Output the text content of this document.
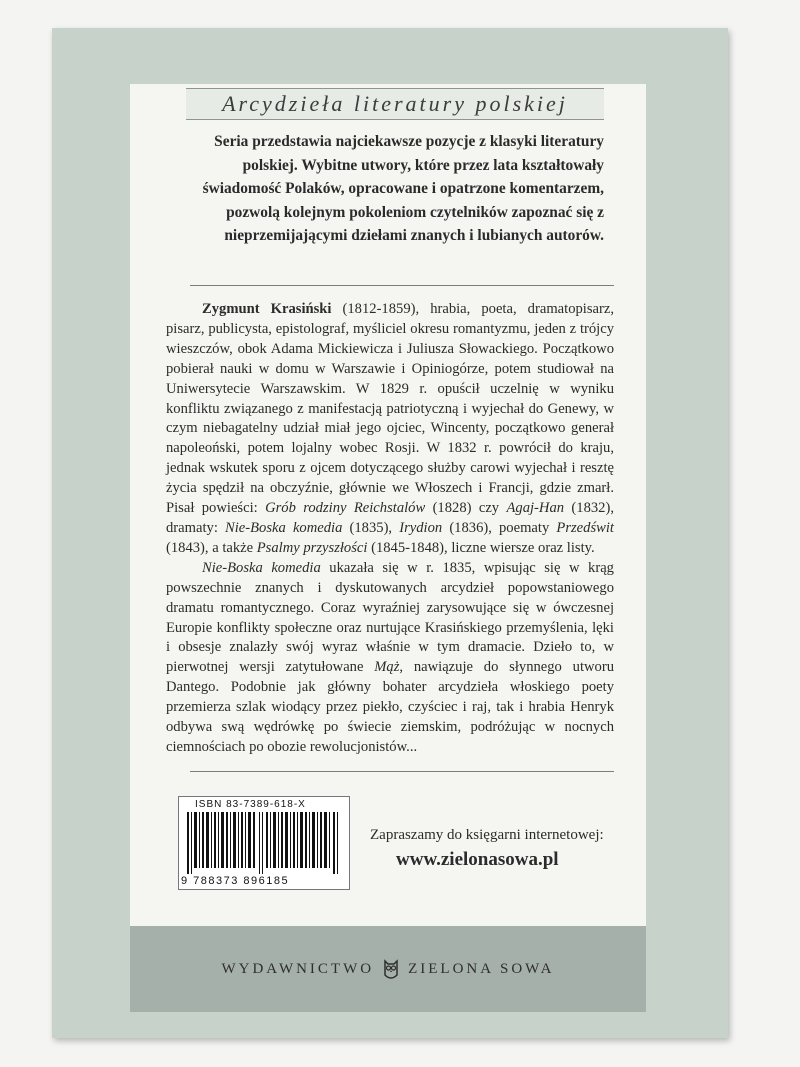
Arcydzieła literatury polskiej
Seria przedstawia najciekawsze pozycje z klasyki literatury polskiej. Wybitne utwory, które przez lata kształtowały świadomość Polaków, opracowane i opatrzone komentarzem, pozwolą kolejnym pokoleniom czytelników zapoznać się z nieprzemijającymi dziełami znanych i lubianych autorów.

Zygmunt Krasiński (1812-1859), hrabia, poeta, dramatopisarz, pisarz, publicysta, epistolograf, myśliciel okresu romantyzmu, jeden z trójcy wieszczów, obok Adama Mickiewicza i Juliusza Słowackiego. Początkowo pobierał nauki w domu w Warszawie i Opiniogórze, potem studiował na Uniwersytecie Warszawskim. W 1829 r. opuścił uczelnię w wyniku konfliktu związanego z manifestacją patriotyczną i wyjechał do Genewy, w czym niebagatelny udział miał jego ojciec, Wincenty, początkowo generał napoleoński, potem lojalny wobec Rosji. W 1832 r. powrócił do kraju, jednak wskutek sporu z ojcem dotyczącego służby carowi wyjechał i resztę życia spędził na obczyźnie, głównie we Włoszech i Francji, gdzie zmarł. Pisał powieści: Grób rodziny Reichstalów (1828) czy Agaj-Han (1832), dramaty: Nie-Boska komedia (1835), Irydion (1836), poematy Przedświt (1843), a także Psalmy przyszłości (1845-1848), liczne wiersze oraz listy.

Nie-Boska komedia ukazała się w r. 1835, wpisując się w krąg powszechnie znanych i dyskutowanych arcydzieł popowstaniowego dramatu romantycznego. Coraz wyraźniej zarysowujące się w ówczesnej Europie konflikty społeczne oraz nurtujące Krasińskiego przemyślenia, lęki i obsesje znalazły swój wyraz właśnie w tym dramacie. Dzieło to, w pierwotnej wersji zatytułowane Mąż, nawiązuje do słynnego utworu Dantego. Podobnie jak główny bohater arcydzieła włoskiego poety przemierza szlak wiodący przez piekło, czyściec i raj, tak i hrabia Henryk odbywa swą wędrówkę po świecie ziemskim, podróżując w nocnych ciemnościach po obozie rewolucjonistów...

ISBN 83-7389-618-X
9 788373 896185
Zapraszamy do księgarni internetowej:
www.zielonasowa.pl
WYDAWNICTWO ZIELONA SOWA
